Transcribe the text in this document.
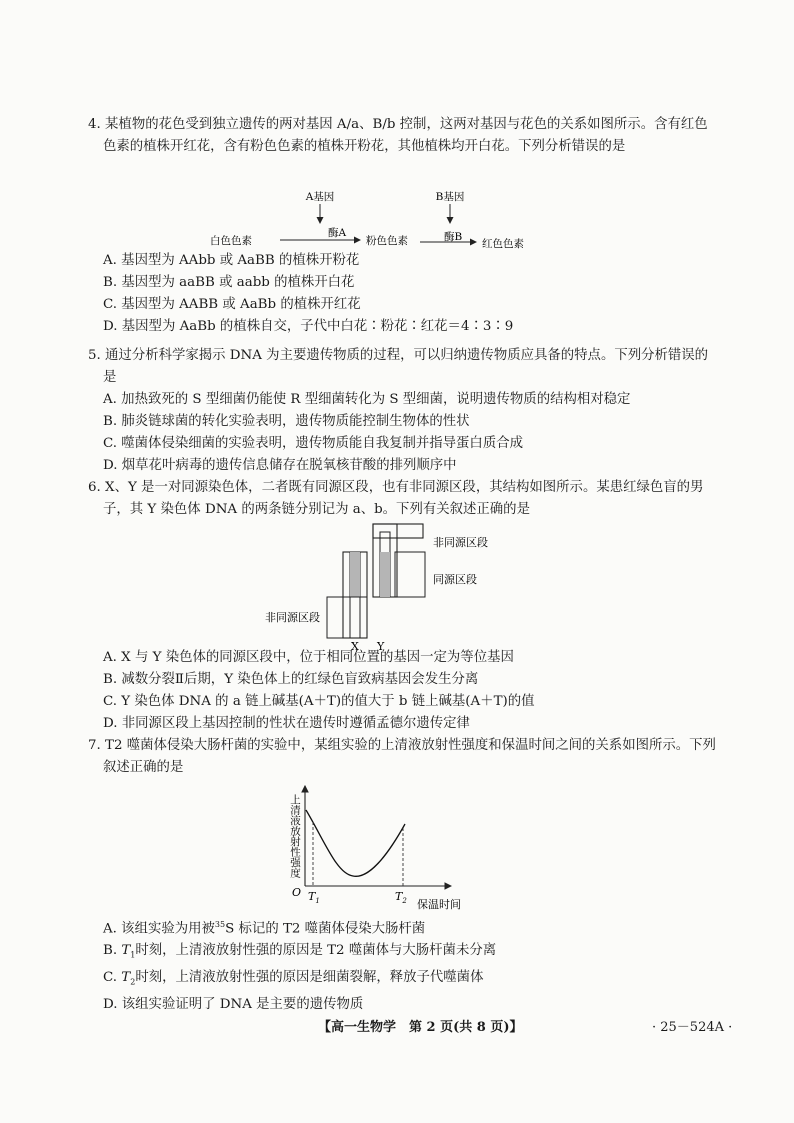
4. 某植物的花色受到独立遗传的两对基因 A/a、B/b 控制，这两对基因与花色的关系如图所示。含有红色色素的植株开红花，含有粉色色素的植株开粉花，其他植株均开白花。下列分析错误的是

A基因	B基因
酶A	酶B
白色色素	粉色色素	红色色素

A. 基因型为 AAbb 或 AaBB 的植株开粉花

B. 基因型为 aaBB 或 aabb 的植株开白花

C. 基因型为 AABB 或 AaBb 的植株开红花

D. 基因型为 AaBb 的植株自交，子代中白花∶粉花∶红花＝4∶3∶9

5. 通过分析科学家揭示 DNA 为主要遗传物质的过程，可以归纳遗传物质应具备的特点。下列分析错误的是

A. 加热致死的 S 型细菌仍能使 R 型细菌转化为 S 型细菌，说明遗传物质的结构相对稳定

B. 肺炎链球菌的转化实验表明，遗传物质能控制生物体的性状

C. 噬菌体侵染细菌的实验表明，遗传物质能自我复制并指导蛋白质合成

D. 烟草花叶病毒的遗传信息储存在脱氧核苷酸的排列顺序中

6. X、Y 是一对同源染色体，二者既有同源区段，也有非同源区段，其结构如图所示。某患红绿色盲的男子，其 Y 染色体 DNA 的两条链分别记为 a、b。下列有关叙述正确的是

非同源区段
同源区段
非同源区段
X Y

A. X 与 Y 染色体的同源区段中，位于相同位置的基因一定为等位基因

B. 减数分裂Ⅱ后期，Y 染色体上的红绿色盲致病基因会发生分离

C. Y 染色体 DNA 的 a 链上碱基(A＋T)的值大于 b 链上碱基(A＋T)的值

D. 非同源区段上基因控制的性状在遗传时遵循孟德尔遗传定律

7. T2 噬菌体侵染大肠杆菌的实验中，某组实验的上清液放射性强度和保温时间之间的关系如图所示。下列叙述正确的是

O $T_1$	$T_2$ 保温时间
上清液放射性强度

A. 该组实验为用被$^{35}$S 标记的 T2 噬菌体侵染大肠杆菌

B. $T_1$时刻，上清液放射性强的原因是 T2 噬菌体与大肠杆菌未分离

C. $T_2$时刻，上清液放射性强的原因是细菌裂解，释放子代噬菌体

D. 该组实验证明了 DNA 是主要的遗传物质

【高一生物学　第 2 页(共 8 页)】	· 25－524A ·
